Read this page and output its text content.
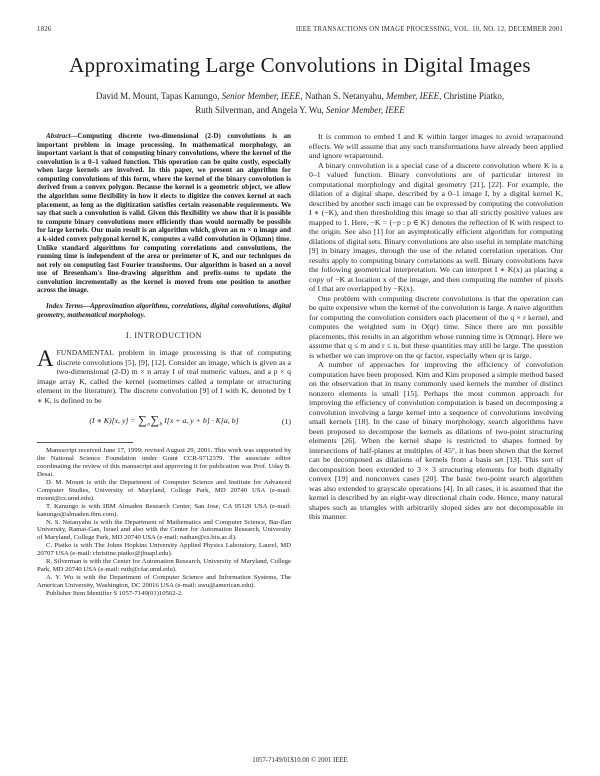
1826	IEEE TRANSACTIONS ON IMAGE PROCESSING, VOL. 10, NO. 12, DECEMBER 2001
Approximating Large Convolutions in Digital Images
David M. Mount, Tapas Kanungo, Senior Member, IEEE, Nathan S. Netanyahu, Member, IEEE, Christine Piatko,
Ruth Silverman, and Angela Y. Wu, Senior Member, IEEE

Abstract—Computing discrete two-dimensional (2-D) convolutions is an important problem in image processing. In mathematical morphology, an important variant is that of computing binary convolutions, where the kernel of the convolution is a 0–1 valued function. This operation can be quite costly, especially when large kernels are involved. In this paper, we present an algorithm for computing convolutions of this form, where the kernel of the binary convolution is derived from a convex polygon. Because the kernel is a geometric object, we allow the algorithm some flexibility in how it elects to digitize the convex kernel at each placement, as long as the digitization satisfies certain reasonable requirements. We say that such a convolution is valid. Given this flexibility we show that it is possible to compute binary convolutions more efficiently than would normally be possible for large kernels. Our main result is an algorithm which, given an m × n image and a k-sided convex polygonal kernel K, computes a valid convolution in O(kmn) time. Unlike standard algorithms for computing correlations and convolutions, the running time is independent of the area or perimeter of K, and our techniques do not rely on computing fast Fourier transforms. Our algorithm is based on a novel use of Bresenham's line-drawing algorithm and prefix-sums to update the convolution incrementally as the kernel is moved from one position to another across the image.

Index Terms—Approximation algorithms, correlations, digital convolutions, digital geometry, mathematical morphology.

I. INTRODUCTION

AFUNDAMENTAL problem in image processing is that of computing discrete convolutions [5], [9], [12]. Consider an image, which is given as a two-dimensional (2-D) m × n array I of real numeric values, and a p × q image array K, called the kernel (sometimes called a template or structuring element in the literature). The discrete convolution [9] of I with K, denoted by I ∗ K, is defined to be

(I ∗ K)[x, $y] = \sum_a\sum_b$ I[x + a, y + b] · K[a, b]	(1)

Manuscript received June 17, 1999; revised August 29, 2001. This work was supported by the National Science Foundation under Grant CCR-9712379. The associate editor coordinating the review of this manuscript and approving it for publication was Prof. Uday B. Desai.

D. M. Mount is with the Department of Computer Science and Institute for Advanced Computer Studies, University of Maryland, College Park, MD 20740 USA (e-mail: mount@cs.umd.edu).

T. Kanungo is with IBM Almaden Research Center, San Jose, CA 95120 USA (e-mail: kanungo@almaden.ibm.com).

N. S. Netanyahu is with the Department of Mathematics and Computer Science, Bar-Ilan University, Ramat-Gan, Israel and also with the Center for Automation Research, University of Maryland, College Park, MD 20740 USA (e-mail: nathan@cs.biu.ac.il).

C. Piatko is with The Johns Hopkins University Applied Physics Laboratory, Laurel, MD 20707 USA (e-mail: christine.piatko@jhuapl.edu).

R. Silverman is with the Center for Automation Research, University of Maryland, College Park, MD 20740 USA (e-mail: ruth@cfar.umd.edu).

A. Y. Wu is with the Department of Computer Science and Information Systems, The American University, Washington, DC 20016 USA (e-mail: awu@american.edu).

Publisher Item Identifier S 1057-7149(01)10562-2.

It is common to embed I and K within larger images to avoid wraparound effects. We will assume that any such transformations have already been applied and ignore wraparound.

A binary convolution is a special case of a discrete convolution where K is a 0–1 valued function. Binary convolutions are of particular interest in computational morphology and digital geometry [21], [22]. For example, the dilation of a digital shape, described by a 0–1 image I, by a digital kernel K, described by another such image can be expressed by computing the convolution I ∗ (−K), and then thresholding this image so that all strictly positive values are mapped to 1. Here, −K = {−p : p ∈ K} denotes the reflection of K with respect to the origin. See also [1] for an asymptotically efficient algorithm for computing dilations of digital sets. Binary convolutions are also useful in template matching [9] in binary images, through the use of the related correlation operation. Our results apply to computing binary correlations as well. Binary convolutions have the following geometrical interpretation. We can interpret I ∗ K(x) as placing a copy of −K at location x of the image, and then computing the number of pixels of I that are overlapped by −K(x).

One problem with computing discrete convolutions is that the operation can be quite expensive when the kernel of the convolution is large. A naive algorithm for computing the convolution considers each placement of the q × r kernel, and computes the weighted sum in O(qr) time. Since there are mn possible placements, this results in an algorithm whose running time is O(mnqr). Here we assume that q ≤ m and r ≤ n, but these quantities may still be large. The question is whether we can improve on the qr factor, especially when qr is large.

A number of approaches for improving the efficiency of convolution computation have been proposed. Kim and Kim proposed a simple method based on the observation that in many commonly used kernels the number of distinct nonzero elements is small [15]. Perhaps the most common approach for improving the efficiency of convolution computation is based on decomposing a convolution involving a large kernel into a sequence of convolutions involving small kernels [18]. In the case of binary morphology, search algorithms have been proposed to decompose the kernels as dilations of two-point structuring elements [26]. When the kernel shape is restricted to shapes formed by intersections of half-planes at multiples of 45°, it has been shown that the kernel can be decomposed as dilations of kernels from a basis set [13]. This sort of decomposition been extended to 3 × 3 structuring elements for both digitally convex [19] and nonconvex cases [20]. The basic two-point search algorithm was also extended to grayscale operations [4]. In all cases, it is assumed that the kernel is described by an eight-way directional chain code. Hence, many natural shapes such as triangles with arbitrarily sloped sides are not decomposable in this manner.

1057-7149/01$10.00 © 2001 IEEE
